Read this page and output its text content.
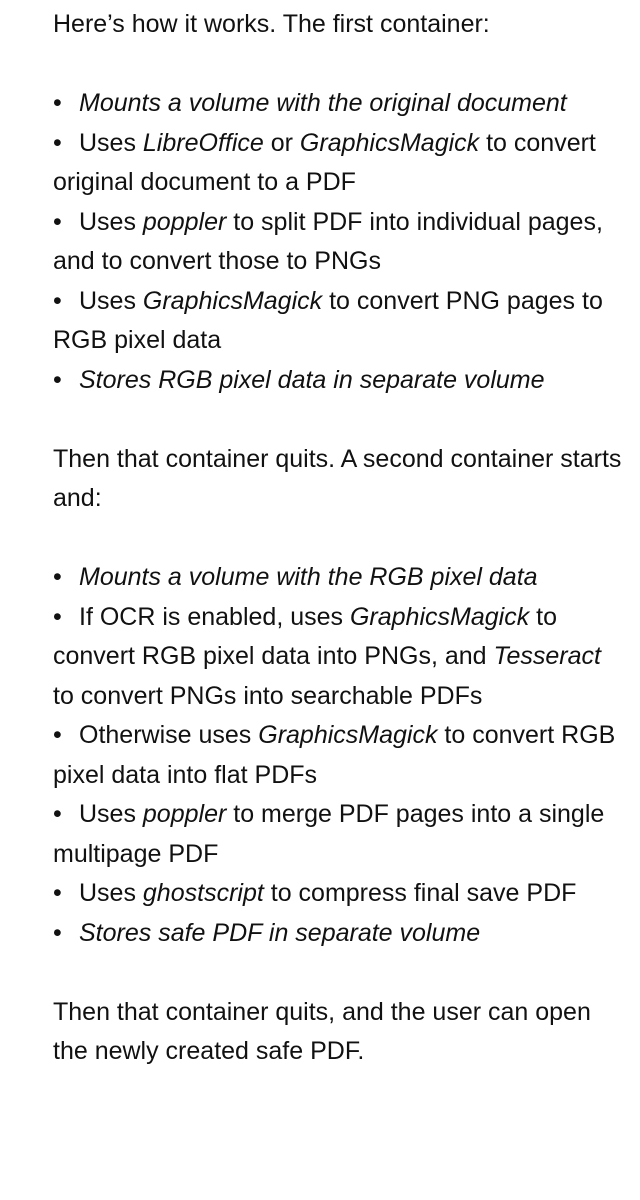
Here’s how it works. The first container:

• Mounts a volume with the original document
• Uses LibreOffice or GraphicsMagick to convert original document to a PDF
• Uses poppler to split PDF into individual pages, and to convert those to PNGs
• Uses GraphicsMagick to convert PNG pages to RGB pixel data
• Stores RGB pixel data in separate volume

Then that container quits. A second container starts and:

• Mounts a volume with the RGB pixel data
• If OCR is enabled, uses GraphicsMagick to convert RGB pixel data into PNGs, and Tesseract to convert PNGs into searchable PDFs
• Otherwise uses GraphicsMagick to convert RGB pixel data into flat PDFs
• Uses poppler to merge PDF pages into a single multipage PDF
• Uses ghostscript to compress final save PDF
• Stores safe PDF in separate volume

Then that container quits, and the user can open the newly created safe PDF.
